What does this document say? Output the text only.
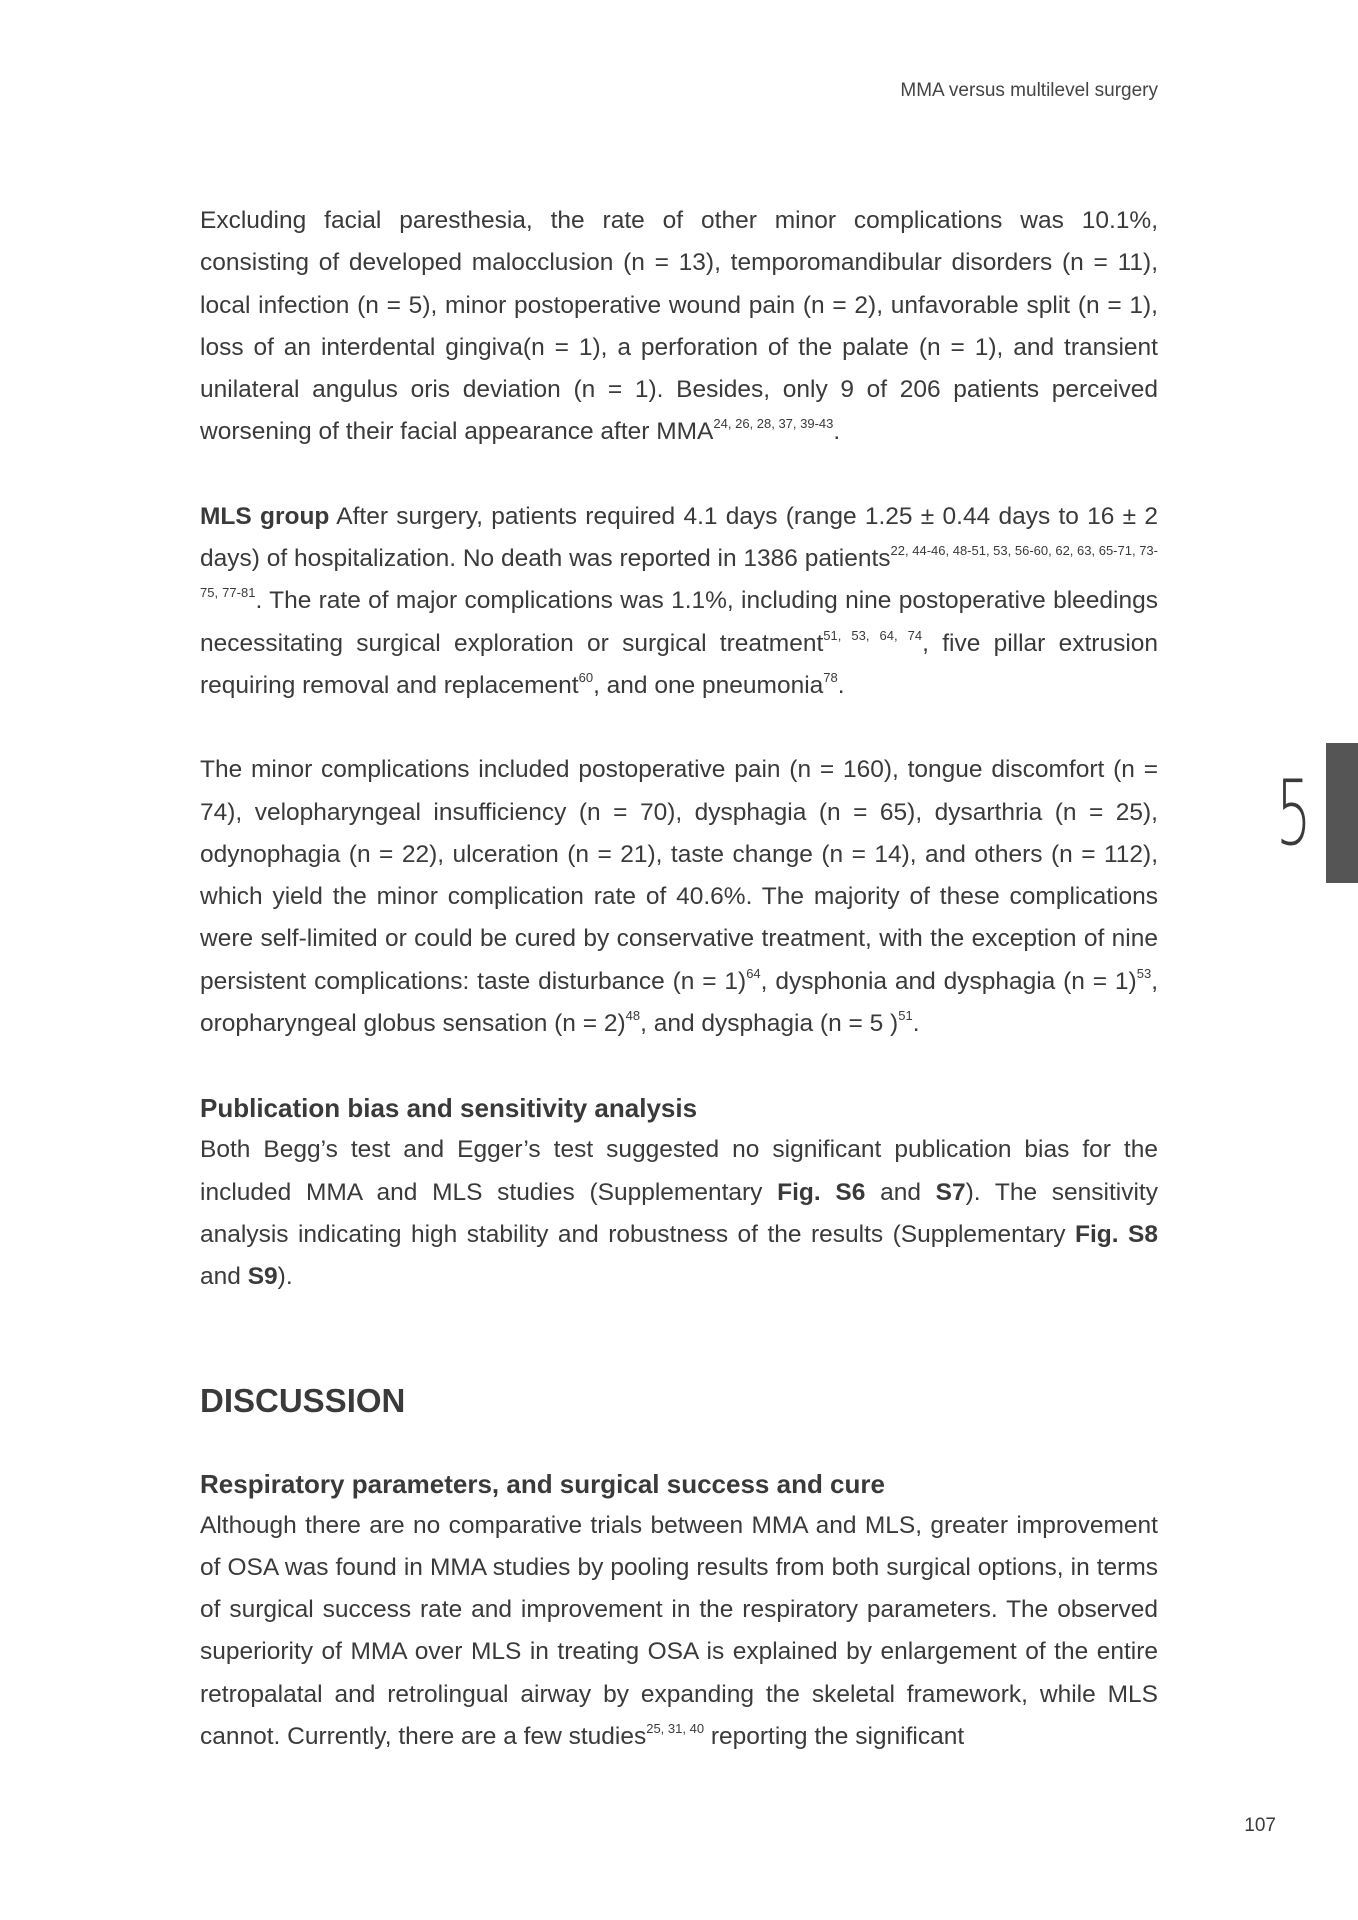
MMA versus multilevel surgery
5

Excluding facial paresthesia, the rate of other minor complications was 10.1%, consisting of developed malocclusion (n = 13), temporomandibular disorders (n = 11), local infection (n = 5), minor postoperative wound pain (n = 2), unfavorable split (n = 1), loss of an interdental gingiva(n = 1), a perforation of the palate (n = 1), and transient unilateral angulus oris deviation (n = 1). Besides, only 9 of 206 patients perceived worsening of their facial appearance after MMA$^{24, 26, 28, 37, 39-43}$.

MLS group After surgery, patients required 4.1 days (range 1.25 ± 0.44 days to 16 ± 2 days) of hospitalization. No death was reported in 1386 patients$^{22, 44-46, 48-51, 53, 56-60, 62, 63, 65-71, 73-75, 77-81}$. The rate of major complications was 1.1%, including nine postoperative bleedings necessitating surgical exploration or surgical treatment$^{51, 53, 64, 74}$, five pillar extrusion requiring removal and replacement$^{60}$, and one pneumonia$^{78}$.

The minor complications included postoperative pain (n = 160), tongue discomfort (n = 74), velopharyngeal insufficiency (n = 70), dysphagia (n = 65), dysarthria (n = 25), odynophagia (n = 22), ulceration (n = 21), taste change (n = 14), and others (n = 112), which yield the minor complication rate of 40.6%. The majority of these complications were self-limited or could be cured by conservative treatment, with the exception of nine persistent complications: taste disturbance (n = 1)$^{64}$, dysphonia and dysphagia (n = 1)$^{53}$, oropharyngeal globus sensation (n = 2)$^{48}$, and dysphagia (n = 5 )$^{51}$.

Publication bias and sensitivity analysis

Both Begg’s test and Egger’s test suggested no significant publication bias for the included MMA and MLS studies (Supplementary Fig. S6 and S7). The sensitivity analysis indicating high stability and robustness of the results (Supplementary Fig. S8 and S9).

DISCUSSION
Respiratory parameters, and surgical success and cure

Although there are no comparative trials between MMA and MLS, greater improvement of OSA was found in MMA studies by pooling results from both surgical options, in terms of surgical success rate and improvement in the respiratory parameters. The observed superiority of MMA over MLS in treating OSA is explained by enlargement of the entire retropalatal and retrolingual airway by expanding the skeletal framework, while MLS cannot. Currently, there are a few studies$^{25, 31, 40}$ reporting the significant

107
